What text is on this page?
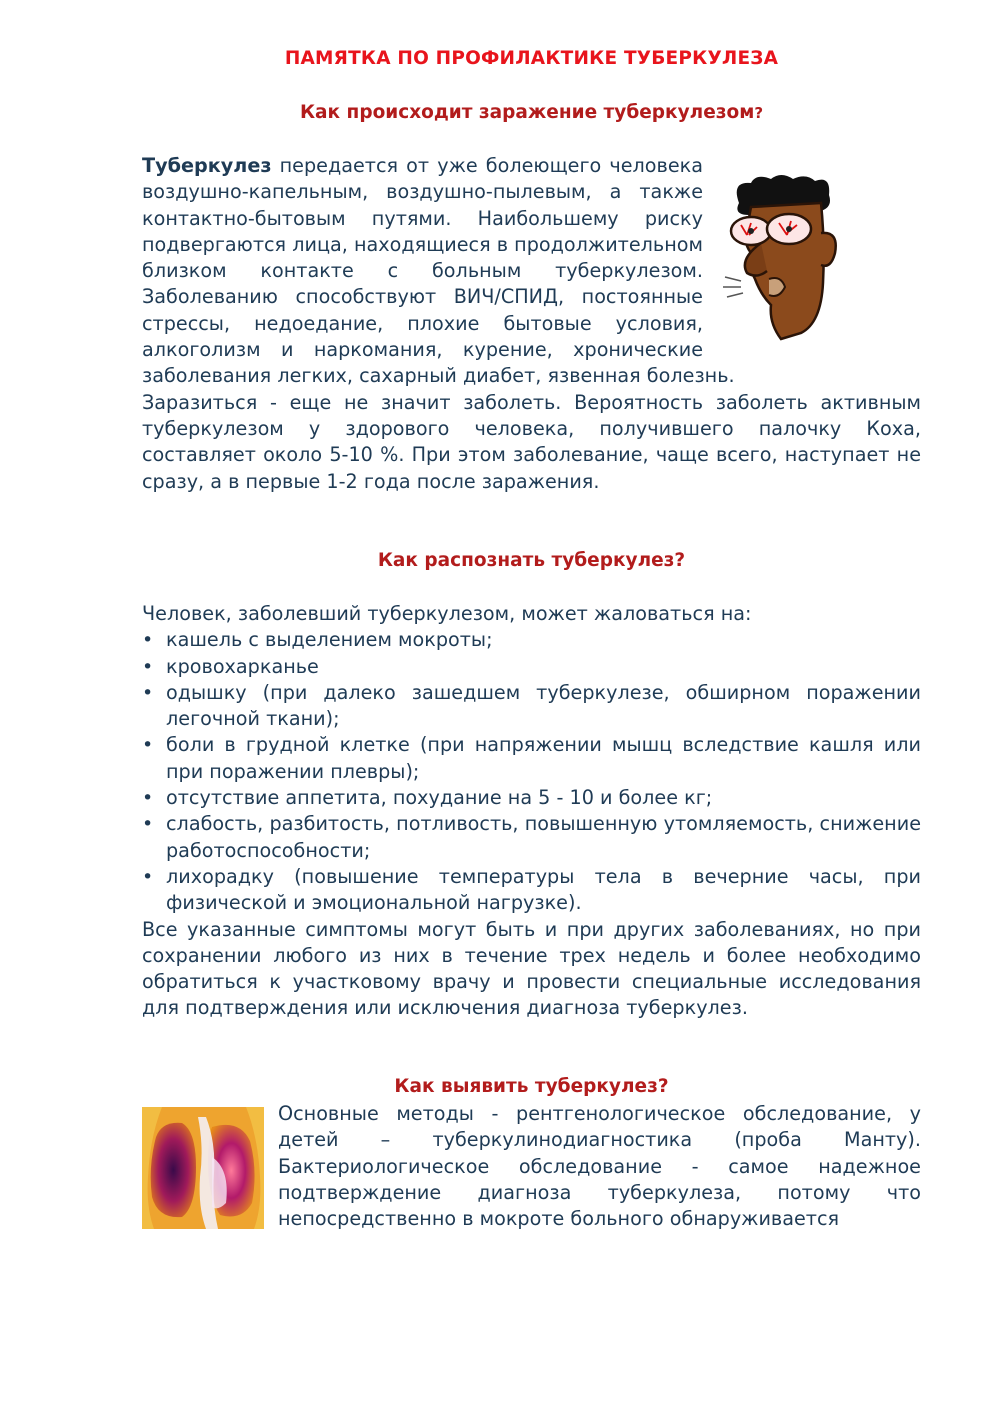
ПАМЯТКА ПО ПРОФИЛАКТИКЕ ТУБЕРКУЛЕЗА
Как происходит заражение туберкулезом?

Туберкулез передается от уже болеющего человека воздушно-капельным, воздушно-пылевым, а также контактно-бытовым путями. Наибольшему риску подвергаются лица, находящиеся в продолжительном близком контакте с больным туберкулезом. Заболеванию способствуют ВИЧ/СПИД, постоянные стрессы, недоедание, плохие бытовые условия, алкоголизм и наркомания, курение, хронические заболевания легких, сахарный диабет, язвенная болезнь.

Заразиться - еще не значит заболеть. Вероятность заболеть активным туберкулезом у здорового человека, получившего палочку Коха, составляет около 5-10 %. При этом заболевание, чаще всего, наступает не сразу, а в первые 1-2 года после заражения.

Как распознать туберкулез?

Человек, заболевший туберкулезом, может жаловаться на:

• кашель с выделением мокроты;
• кровохарканье
• одышку (при далеко зашедшем туберкулезе, обширном поражении легочной ткани);
• боли в грудной клетке (при напряжении мышц вследствие кашля или при поражении плевры);
• отсутствие аппетита, похудание на 5 - 10 и более кг;
• слабость, разбитость, потливость, повышенную утомляемость, снижение работоспособности;
• лихорадку (повышение температуры тела в вечерние часы, при физической и эмоциональной нагрузке).

Все указанные симптомы могут быть и при других заболеваниях, но при сохранении любого из них в течение трех недель и более необходимо обратиться к участковому врачу и провести специальные исследования для подтверждения или исключения диагноза туберкулез.

Как выявить туберкулез?

Основные методы - рентгенологическое обследование, у детей – туберкулинодиагностика (проба Манту). Бактериологическое обследование - самое надежное подтверждение диагноза туберкулеза, потому что непосредственно в мокроте больного обнаруживается
